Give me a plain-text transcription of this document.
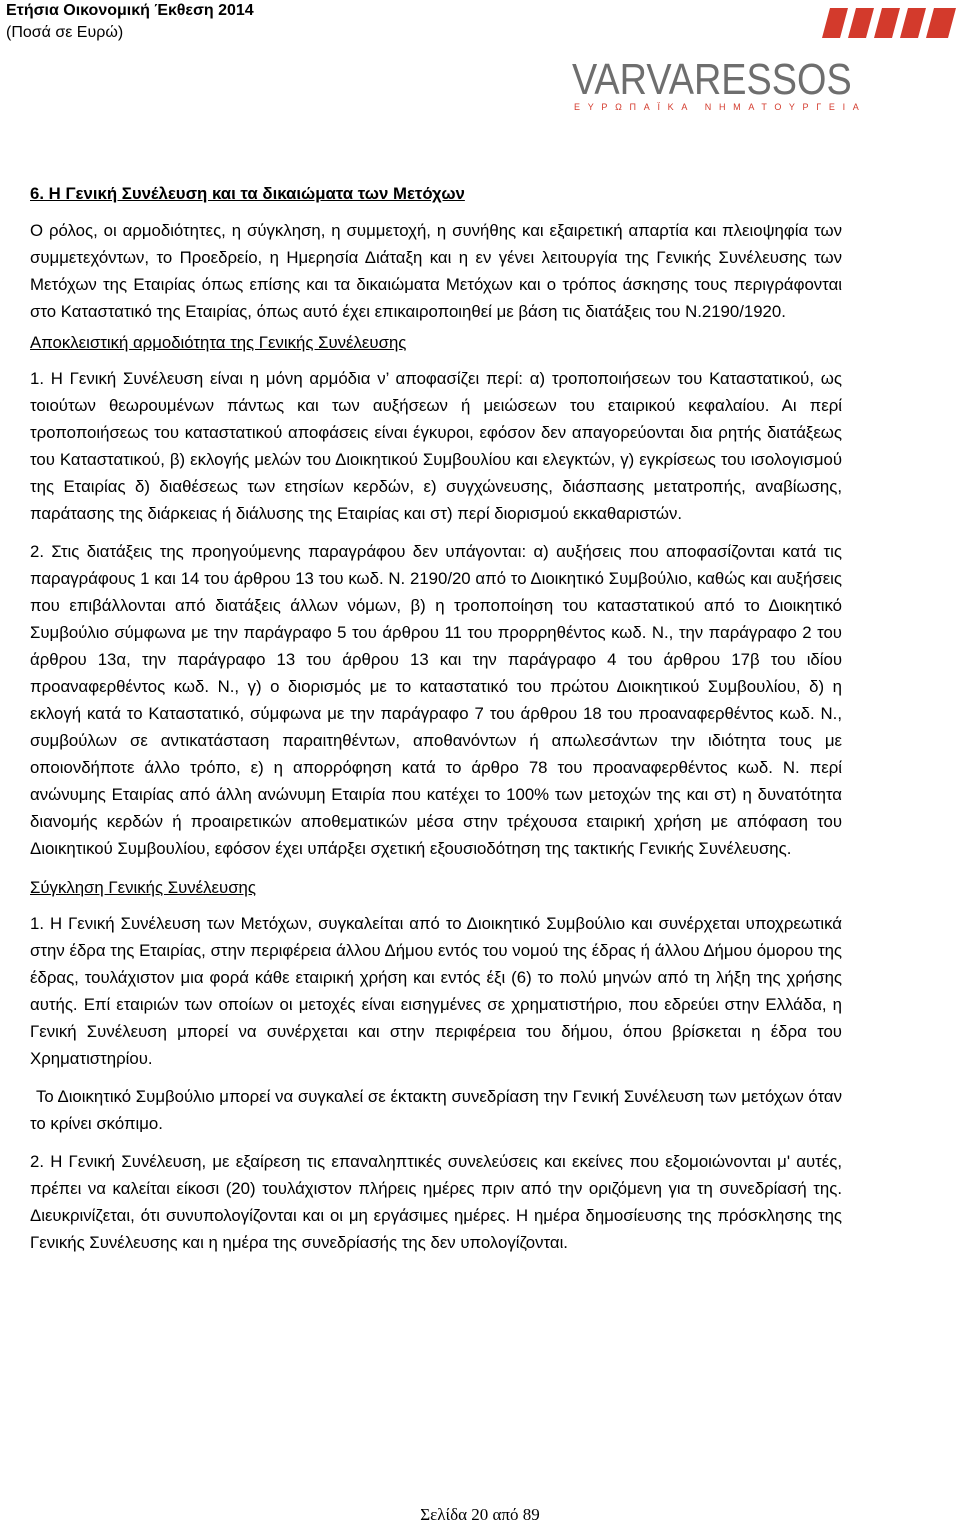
Ετήσια Οικονομική Έκθεση 2014
(Ποσά σε Ευρώ)
VARVARESSOS
ΕΥΡΩΠΑΪΚΑ ΝΗΜΑΤΟΥΡΓΕΙΑ
6. Η Γενική Συνέλευση και τα δικαιώματα των Μετόχων

Ο ρόλος, οι αρμοδιότητες, η σύγκληση, η συμμετοχή, η συνήθης και εξαιρετική απαρτία και πλειοψηφία των συμμετεχόντων, το Προεδρείο, η Ημερησία Διάταξη και η εν γένει λειτουργία της Γενικής Συνέλευσης των Μετόχων της Εταιρίας όπως επίσης και τα δικαιώματα Μετόχων και ο τρόπος άσκησης τους περιγράφονται στο Καταστατικό της Εταιρίας, όπως αυτό έχει επικαιροποιηθεί με βάση τις διατάξεις του Ν.2190/1920.

Αποκλειστική αρμοδιότητα της Γενικής Συνέλευσης

1. Η Γενική Συνέλευση είναι η μόνη αρμόδια ν’ αποφασίζει περί: α) τροποποιήσεων του Καταστατικού, ως τοιούτων θεωρουμένων πάντως και των αυξήσεων ή μειώσεων του εταιρικού κεφαλαίου. Αι περί τροποποιήσεως του καταστατικού αποφάσεις είναι έγκυροι, εφόσον δεν απαγορεύονται δια ρητής διατάξεως του Καταστατικού, β) εκλογής μελών του Διοικητικού Συμβουλίου και ελεγκτών, γ) εγκρίσεως του ισολογισμού της Εταιρίας δ) διαθέσεως των ετησίων κερδών, ε) συγχώνευσης, διάσπασης μετατροπής, αναβίωσης, παράτασης της διάρκειας ή διάλυσης της Εταιρίας και στ) περί διορισμού εκκαθαριστών.

2. Στις διατάξεις της προηγούμενης παραγράφου δεν υπάγονται: α) αυξήσεις που αποφασίζονται κατά τις παραγράφους 1 και 14 του άρθρου 13 του κωδ. Ν. 2190/20 από το Διοικητικό Συμβούλιο, καθώς και αυξήσεις που επιβάλλονται από διατάξεις άλλων νόμων, β) η τροποποίηση του καταστατικού από το Διοικητικό Συμβούλιο σύμφωνα με την παράγραφο 5 του άρθρου 11 του προρρηθέντος κωδ. Ν., την παράγραφο 2 του άρθρου 13α, την παράγραφο 13 του άρθρου 13 και την παράγραφο 4 του άρθρου 17β του ιδίου προαναφερθέντος κωδ. Ν., γ) ο διορισμός με το καταστατικό του πρώτου Διοικητικού Συμβουλίου, δ) η εκλογή κατά το Καταστατικό, σύμφωνα με την παράγραφο 7 του άρθρου 18 του προαναφερθέντος κωδ. Ν., συμβούλων σε αντικατάσταση παραιτηθέντων, αποθανόντων ή απωλεσάντων την ιδιότητα τους με οποιονδήποτε άλλο τρόπο, ε) η απορρόφηση κατά το άρθρο 78 του προαναφερθέντος κωδ. Ν. περί ανώνυμης Εταιρίας από άλλη ανώνυμη Εταιρία που κατέχει το 100% των μετοχών της και στ) η δυνατότητα διανομής κερδών ή προαιρετικών αποθεματικών μέσα στην τρέχουσα εταιρική χρήση με απόφαση του Διοικητικού Συμβουλίου, εφόσον έχει υπάρξει σχετική εξουσιοδότηση της τακτικής Γενικής Συνέλευσης.

Σύγκληση Γενικής Συνέλευσης

1. Η Γενική Συνέλευση των Μετόχων, συγκαλείται από το Διοικητικό Συμβούλιο και συνέρχεται υποχρεωτικά στην έδρα της Εταιρίας, στην περιφέρεια άλλου Δήμου εντός του νομού της έδρας ή άλλου Δήμου όμορου της έδρας, τουλάχιστον μια φορά κάθε εταιρική χρήση και εντός έξι (6) το πολύ μηνών από τη λήξη της χρήσης αυτής. Επί εταιριών των οποίων οι μετοχές είναι εισηγμένες σε χρηματιστήριο, που εδρεύει στην Ελλάδα, η Γενική Συνέλευση μπορεί να συνέρχεται και στην περιφέρεια του δήμου, όπου βρίσκεται η έδρα του Χρηματιστηρίου.

Το Διοικητικό Συμβούλιο μπορεί να συγκαλεί σε έκτακτη συνεδρίαση την Γενική Συνέλευση των μετόχων όταν το κρίνει σκόπιμο.

2. Η Γενική Συνέλευση, με εξαίρεση τις επαναληπτικές συνελεύσεις και εκείνες που εξομοιώνονται μ' αυτές, πρέπει να καλείται είκοσι (20) τουλάχιστον πλήρεις ημέρες πριν από την οριζόμενη για τη συνεδρίασή της. Διευκρινίζεται, ότι συνυπολογίζονται και οι μη εργάσιμες ημέρες. Η ημέρα δημοσίευσης της πρόσκλησης της Γενικής Συνέλευσης και η ημέρα της συνεδρίασής της δεν υπολογίζονται.

Σελίδα 20 από 89
